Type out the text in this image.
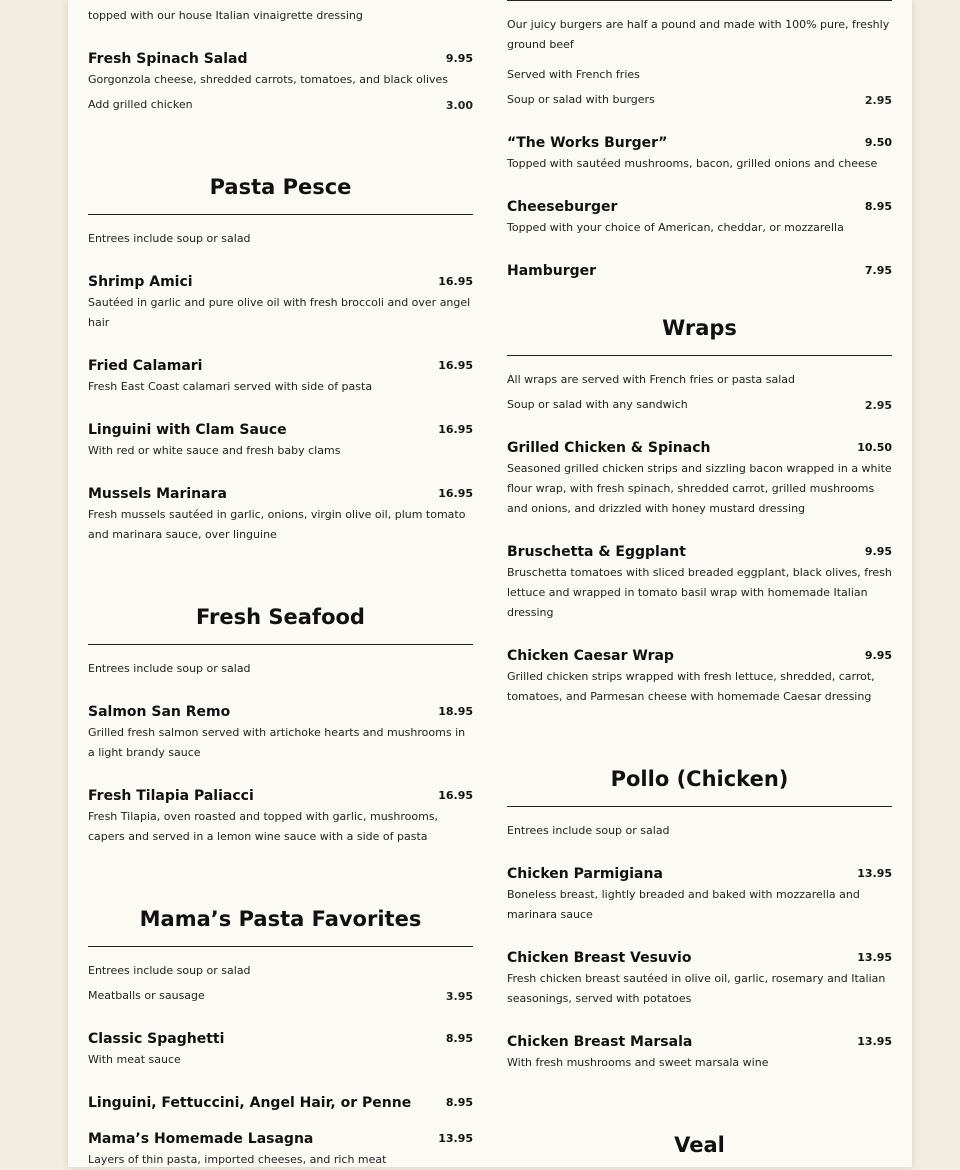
topped with our house Italian vinaigrette dressing
Fresh Spinach Salad	9.95
Gorgonzola cheese, shredded carrots, tomatoes, and black olives
Add grilled chicken	3.00
Pasta Pesce
Entrees include soup or salad
Shrimp Amici	16.95
Sautéed in garlic and pure olive oil with fresh broccoli and over angel hair
Fried Calamari	16.95
Fresh East Coast calamari served with side of pasta
Linguini with Clam Sauce	16.95
With red or white sauce and fresh baby clams
Mussels Marinara	16.95
Fresh mussels sautéed in garlic, onions, virgin olive oil, plum tomato and marinara sauce, over linguine
Fresh Seafood
Entrees include soup or salad
Salmon San Remo	18.95
Grilled fresh salmon served with artichoke hearts and mushrooms in a light brandy sauce
Fresh Tilapia Paliacci	16.95
Fresh Tilapia, oven roasted and topped with garlic, mushrooms, capers and served in a lemon wine sauce with a side of pasta
Mama’s Pasta Favorites
Entrees include soup or salad
Meatballs or sausage	3.95
Classic Spaghetti	8.95
With meat sauce
Linguini, Fettuccini, Angel Hair, or Penne	8.95
Mama’s Homemade Lasagna	13.95
Layers of thin pasta, imported cheeses, and rich meat
Our juicy burgers are half a pound and made with 100% pure, freshly ground beef
Served with French fries
Soup or salad with burgers	2.95
“The Works Burger”	9.50
Topped with sautéed mushrooms, bacon, grilled onions and cheese
Cheeseburger	8.95
Topped with your choice of American, cheddar, or mozzarella
Hamburger	7.95
Wraps
All wraps are served with French fries or pasta salad
Soup or salad with any sandwich	2.95
Grilled Chicken & Spinach	10.50
Seasoned grilled chicken strips and sizzling bacon wrapped in a white flour wrap, with fresh spinach, shredded carrot, grilled mushrooms and onions, and drizzled with honey mustard dressing
Bruschetta & Eggplant	9.95
Bruschetta tomatoes with sliced breaded eggplant, black olives, fresh lettuce and wrapped in tomato basil wrap with homemade Italian dressing
Chicken Caesar Wrap	9.95
Grilled chicken strips wrapped with fresh lettuce, shredded, carrot, tomatoes, and Parmesan cheese with homemade Caesar dressing
Pollo (Chicken)
Entrees include soup or salad
Chicken Parmigiana	13.95
Boneless breast, lightly breaded and baked with mozzarella and marinara sauce
Chicken Breast Vesuvio	13.95
Fresh chicken breast sautéed in olive oil, garlic, rosemary and Italian seasonings, served with potatoes
Chicken Breast Marsala	13.95
With fresh mushrooms and sweet marsala wine
Veal
